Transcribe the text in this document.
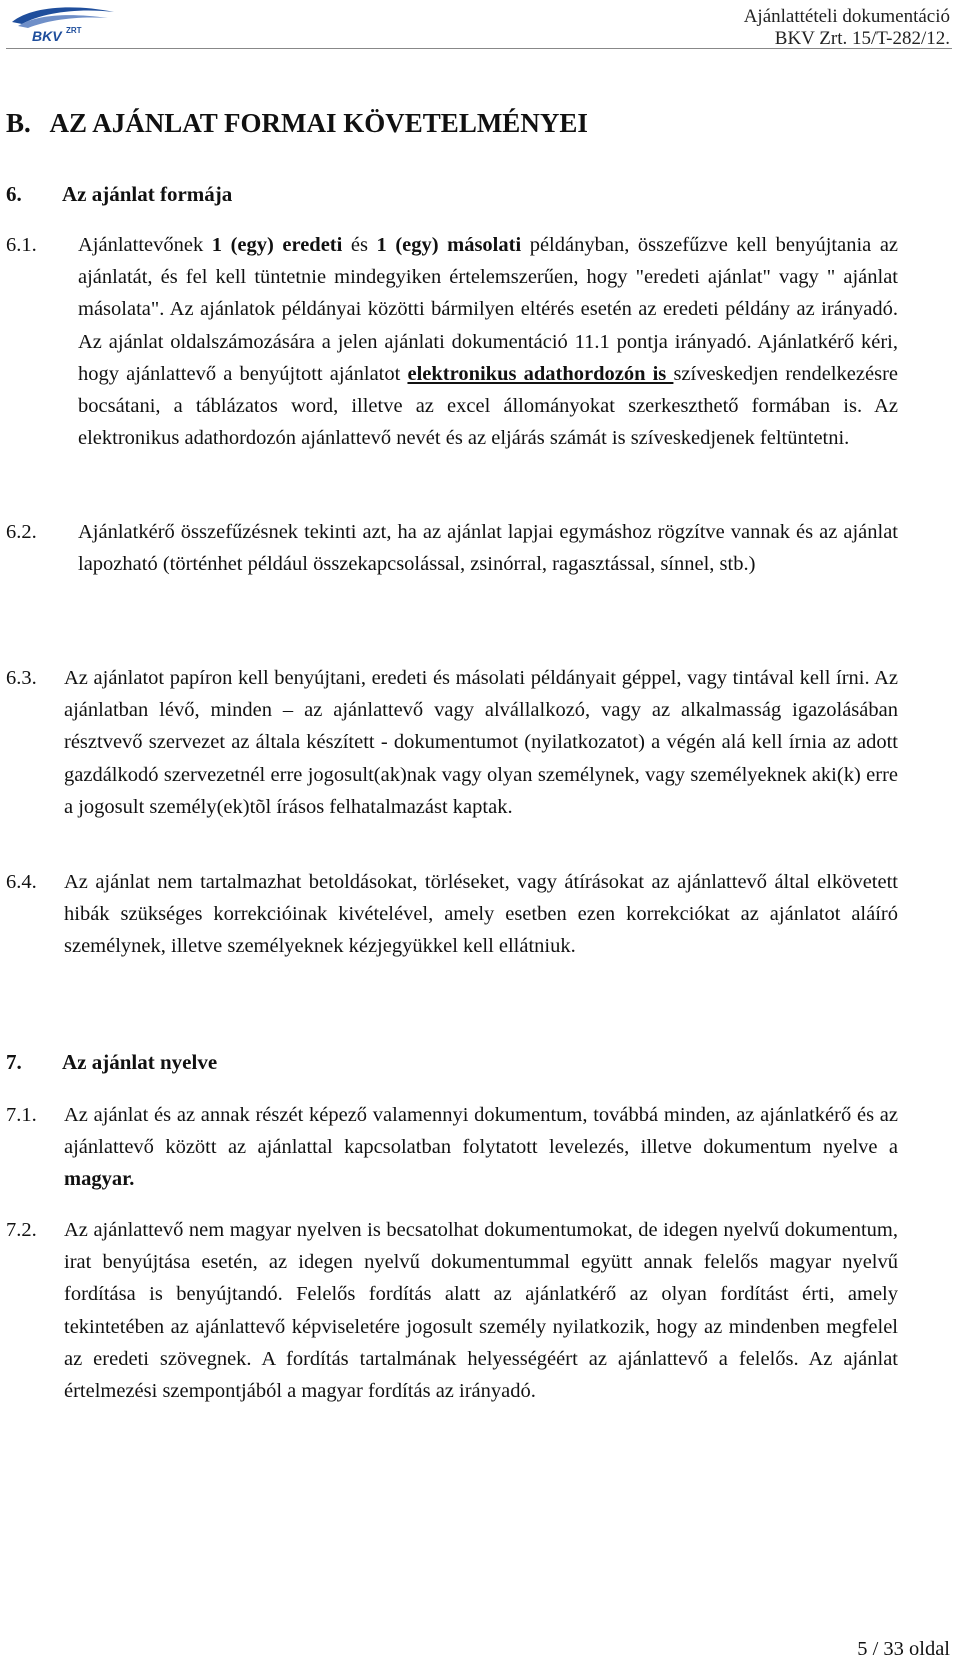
BKV ZRT
Ajánlattételi dokumentáció
BKV Zrt. 15/T-282/12.
B.   AZ AJÁNLAT FORMAI KÖVETELMÉNYEI
6. Az ajánlat formája
6.1. Ajánlattevőnek 1 (egy) eredeti és 1 (egy) másolati példányban, összefűzve kell benyújtania az ajánlatát, és fel kell tüntetnie mindegyiken értelemszerűen, hogy "eredeti ajánlat" vagy " ajánlat másolata". Az ajánlatok példányai közötti bármilyen eltérés esetén az eredeti példány az irányadó. Az ajánlat oldalszámozására a jelen ajánlati dokumentáció 11.1 pontja irányadó. Ajánlatkérő kéri, hogy ajánlattevő a benyújtott ajánlatot elektronikus adathordozón is szíveskedjen rendelkezésre bocsátani, a táblázatos word, illetve az excel állományokat szerkeszthető formában is. Az elektronikus adathordozón ajánlattevő nevét és az eljárás számát is szíveskedjenek feltüntetni.

6.2. Ajánlatkérő összefűzésnek tekinti azt, ha az ajánlat lapjai egymáshoz rögzítve vannak és az ajánlat lapozható (történhet például összekapcsolással, zsinórral, ragasztással, sínnel, stb.)

6.3. Az ajánlatot papíron kell benyújtani, eredeti és másolati példányait géppel, vagy tintával kell írni. Az ajánlatban lévő, minden – az ajánlattevő vagy alvállalkozó, vagy az alkalmasság igazolásában résztvevő szervezet az általa készített - dokumentumot (nyilatkozatot) a végén alá kell írnia az adott gazdálkodó szervezetnél erre jogosult(ak)nak vagy olyan személynek, vagy személyeknek aki(k) erre a jogosult személy(ek)tõl írásos felhatalmazást kaptak.

6.4. Az ajánlat nem tartalmazhat betoldásokat, törléseket, vagy átírásokat az ajánlattevő által elkövetett hibák szükséges korrekcióinak kivételével, amely esetben ezen korrekciókat az ajánlatot aláíró személynek, illetve személyeknek kézjegyükkel kell ellátniuk.

7. Az ajánlat nyelve
7.1. Az ajánlat és az annak részét képező valamennyi dokumentum, továbbá minden, az ajánlatkérő és az ajánlattevő között az ajánlattal kapcsolatban folytatott levelezés, illetve dokumentum nyelve a magyar.

7.2. Az ajánlattevő nem magyar nyelven is becsatolhat dokumentumokat, de idegen nyelvű dokumentum, irat benyújtása esetén, az idegen nyelvű dokumentummal együtt annak felelős magyar nyelvű fordítása is benyújtandó. Felelős fordítás alatt az ajánlatkérő az olyan fordítást érti, amely tekintetében az ajánlattevő képviseletére jogosult személy nyilatkozik, hogy az mindenben megfelel az eredeti szövegnek. A fordítás tartalmának helyességéért az ajánlattevő a felelős. Az ajánlat értelmezési szempontjából a magyar fordítás az irányadó.

5 / 33 oldal
